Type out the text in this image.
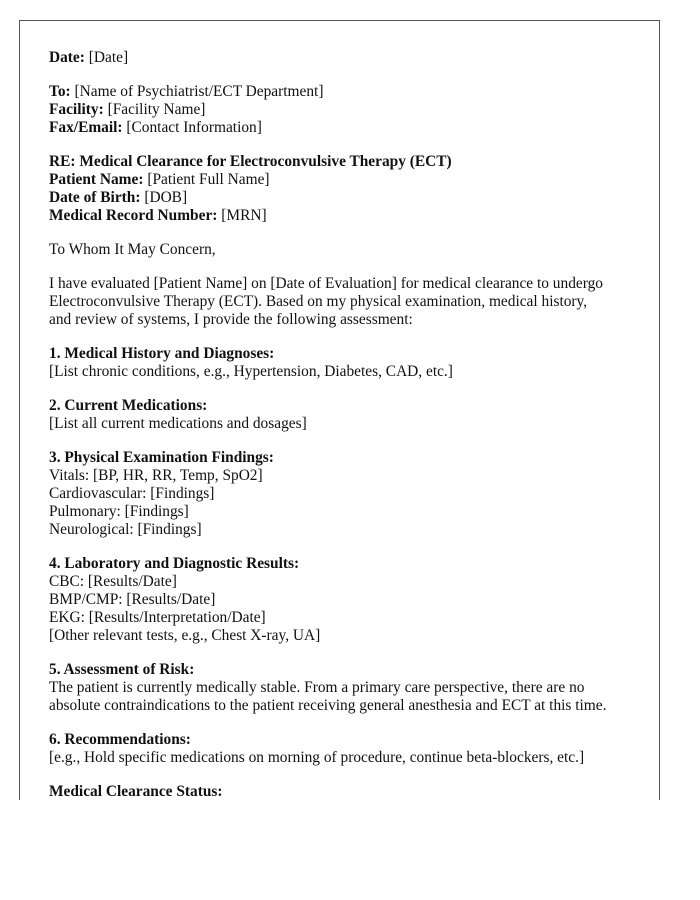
Date: [Date]
To: [Name of Psychiatrist/ECT Department]
Facility: [Facility Name]
Fax/Email: [Contact Information]
RE: Medical Clearance for Electroconvulsive Therapy (ECT)
Patient Name: [Patient Full Name]
Date of Birth: [DOB]
Medical Record Number: [MRN]
To Whom It May Concern,
I have evaluated [Patient Name] on [Date of Evaluation] for medical clearance to undergo
Electroconvulsive Therapy (ECT). Based on my physical examination, medical history,
and review of systems, I provide the following assessment:
1. Medical History and Diagnoses:
[List chronic conditions, e.g., Hypertension, Diabetes, CAD, etc.]
2. Current Medications:
[List all current medications and dosages]
3. Physical Examination Findings:
Vitals: [BP, HR, RR, Temp, SpO2]
Cardiovascular: [Findings]
Pulmonary: [Findings]
Neurological: [Findings]
4. Laboratory and Diagnostic Results:
CBC: [Results/Date]
BMP/CMP: [Results/Date]
EKG: [Results/Interpretation/Date]
[Other relevant tests, e.g., Chest X-ray, UA]
5. Assessment of Risk:
The patient is currently medically stable. From a primary care perspective, there are no
absolute contraindications to the patient receiving general anesthesia and ECT at this time.
6. Recommendations:
[e.g., Hold specific medications on morning of procedure, continue beta-blockers, etc.]
Medical Clearance Status:
